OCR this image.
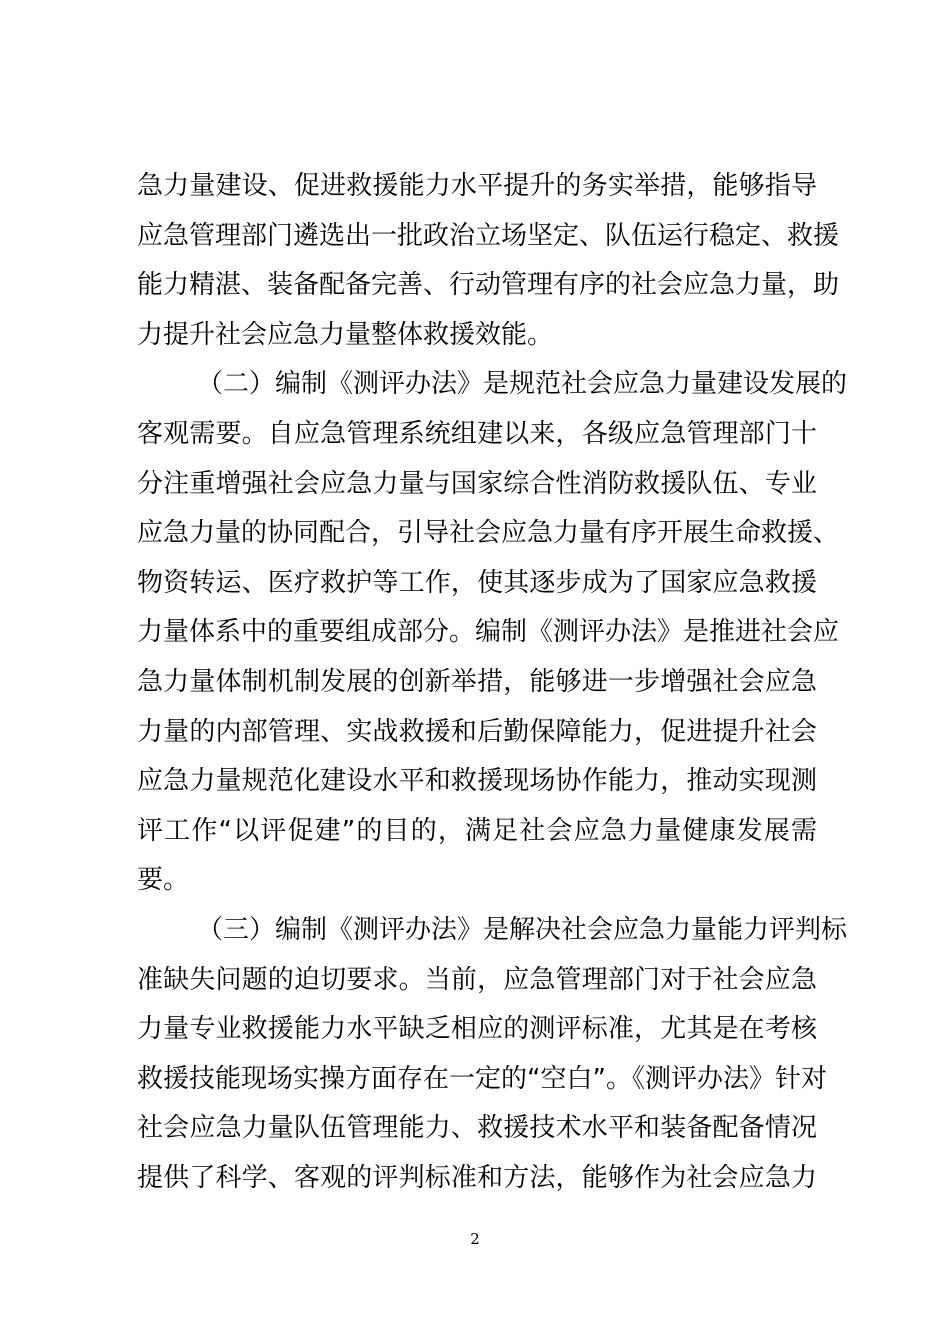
急力量建设、促进救援能力水平提升的务实举措，能够指导
应急管理部门遴选出一批政治立场坚定、队伍运行稳定、救援
能力精湛、装备配备完善、行动管理有序的社会应急力量，助
力提升社会应急力量整体救援效能。
（二）编制《测评办法》是规范社会应急力量建设发展的
客观需要。自应急管理系统组建以来，各级应急管理部门十
分注重增强社会应急力量与国家综合性消防救援队伍、专业
应急力量的协同配合，引导社会应急力量有序开展生命救援、
物资转运、医疗救护等工作，使其逐步成为了国家应急救援
力量体系中的重要组成部分。编制《测评办法》是推进社会应
急力量体制机制发展的创新举措，能够进一步增强社会应急
力量的内部管理、实战救援和后勤保障能力，促进提升社会
应急力量规范化建设水平和救援现场协作能力，推动实现测
评工作“以评促建”的目的，满足社会应急力量健康发展需
要。
（三）编制《测评办法》是解决社会应急力量能力评判标
准缺失问题的迫切要求。当前，应急管理部门对于社会应急
力量专业救援能力水平缺乏相应的测评标准，尤其是在考核
救援技能现场实操方面存在一定的“空白”。《测评办法》针对
社会应急力量队伍管理能力、救援技术水平和装备配备情况
提供了科学、客观的评判标准和方法，能够作为社会应急力
2
